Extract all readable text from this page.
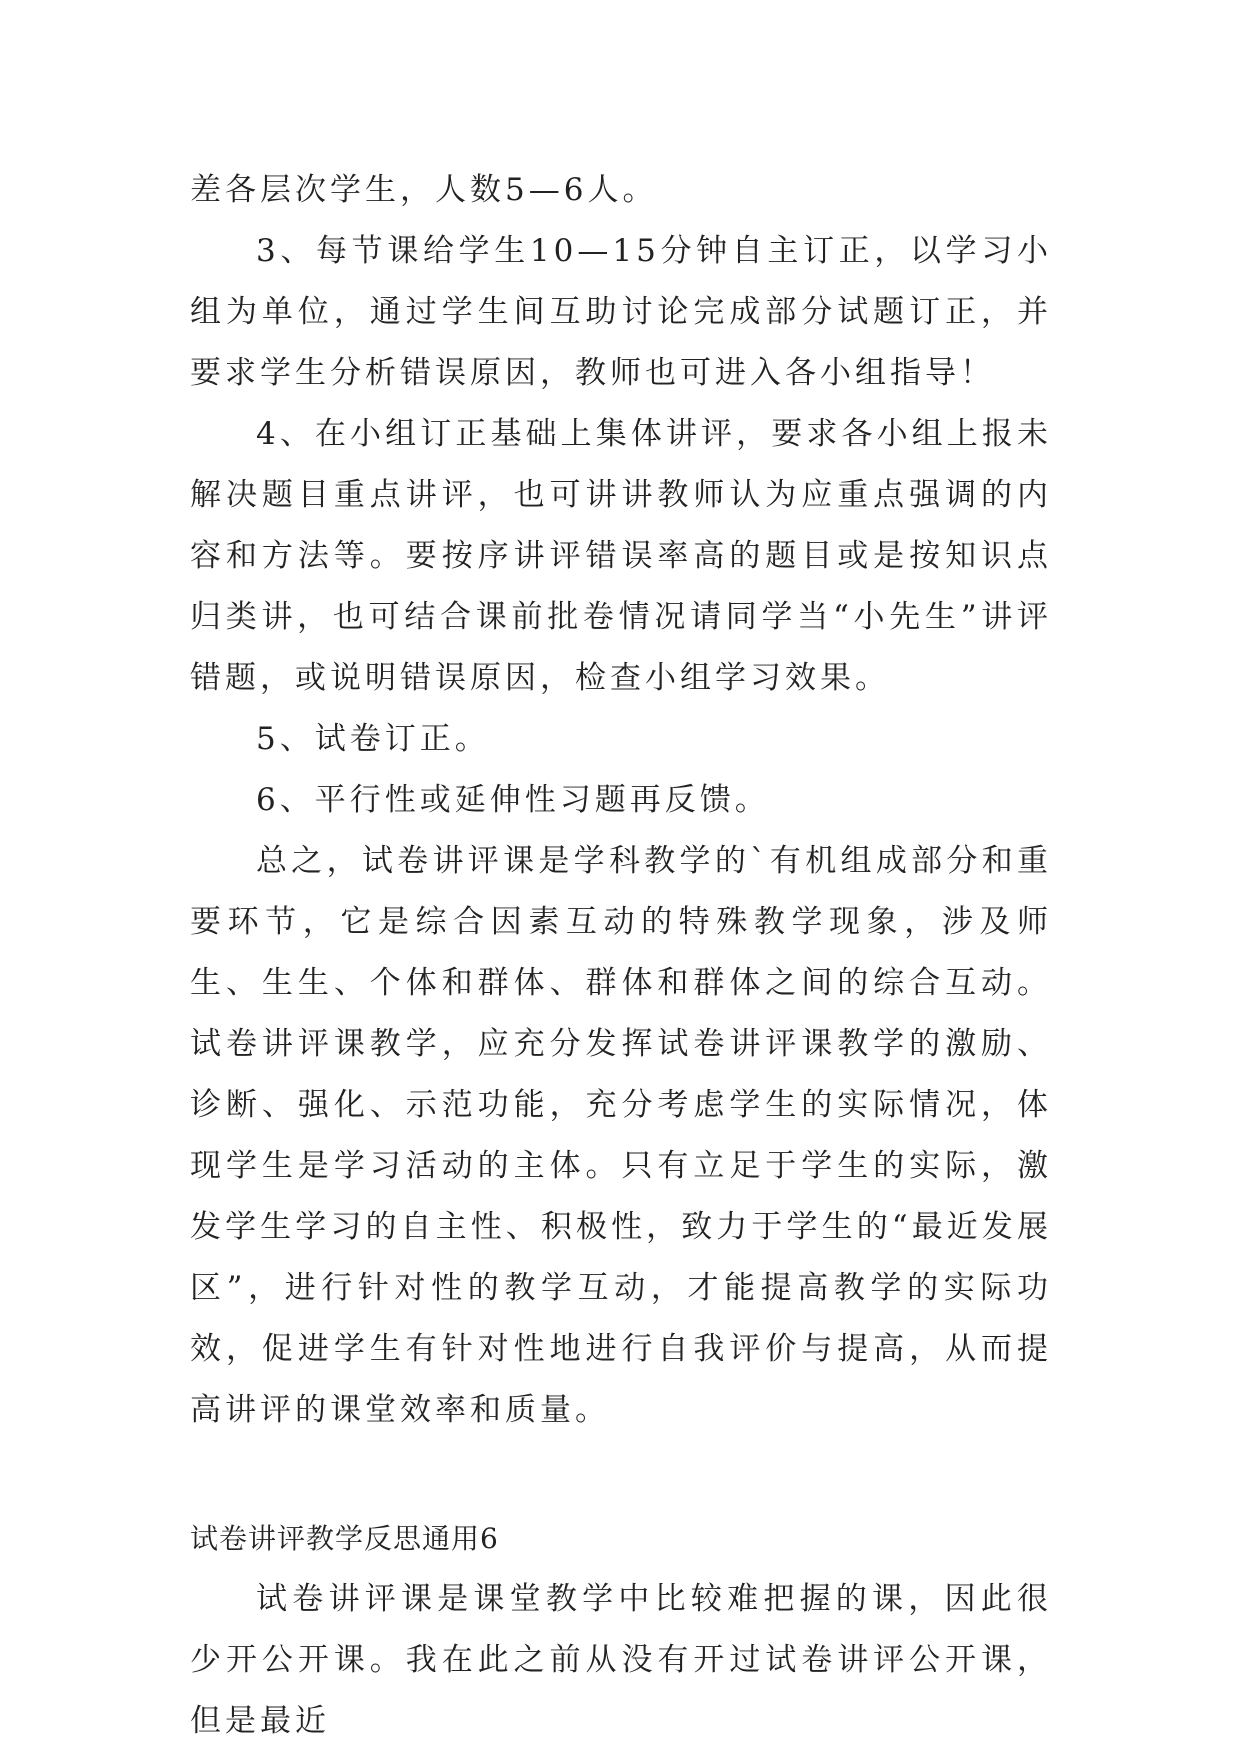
差各层次学生，人数5—6人。

3、每节课给学生10—15分钟自主订正，以学习小组为单位，通过学生间互助讨论完成部分试题订正，并要求学生分析错误原因，教师也可进入各小组指导！

4、在小组订正基础上集体讲评，要求各小组上报未解决题目重点讲评，也可讲讲教师认为应重点强调的内容和方法等。要按序讲评错误率高的题目或是按知识点归类讲，也可结合课前批卷情况请同学当“小先生”讲评错题，或说明错误原因，检查小组学习效果。

5、试卷订正。

6、平行性或延伸性习题再反馈。

总之，试卷讲评课是学科教学的`有机组成部分和重要环节，它是综合因素互动的特殊教学现象，涉及师生、生生、个体和群体、群体和群体之间的综合互动。试卷讲评课教学，应充分发挥试卷讲评课教学的激励、诊断、强化、示范功能，充分考虑学生的实际情况，体现学生是学习活动的主体。只有立足于学生的实际，激发学生学习的自主性、积极性，致力于学生的“最近发展区”，进行针对性的教学互动，才能提高教学的实际功效，促进学生有针对性地进行自我评价与提高，从而提高讲评的课堂效率和质量。

试卷讲评教学反思通用6

试卷讲评课是课堂教学中比较难把握的课，因此很少开公开课。我在此之前从没有开过试卷讲评公开课，但是最近
